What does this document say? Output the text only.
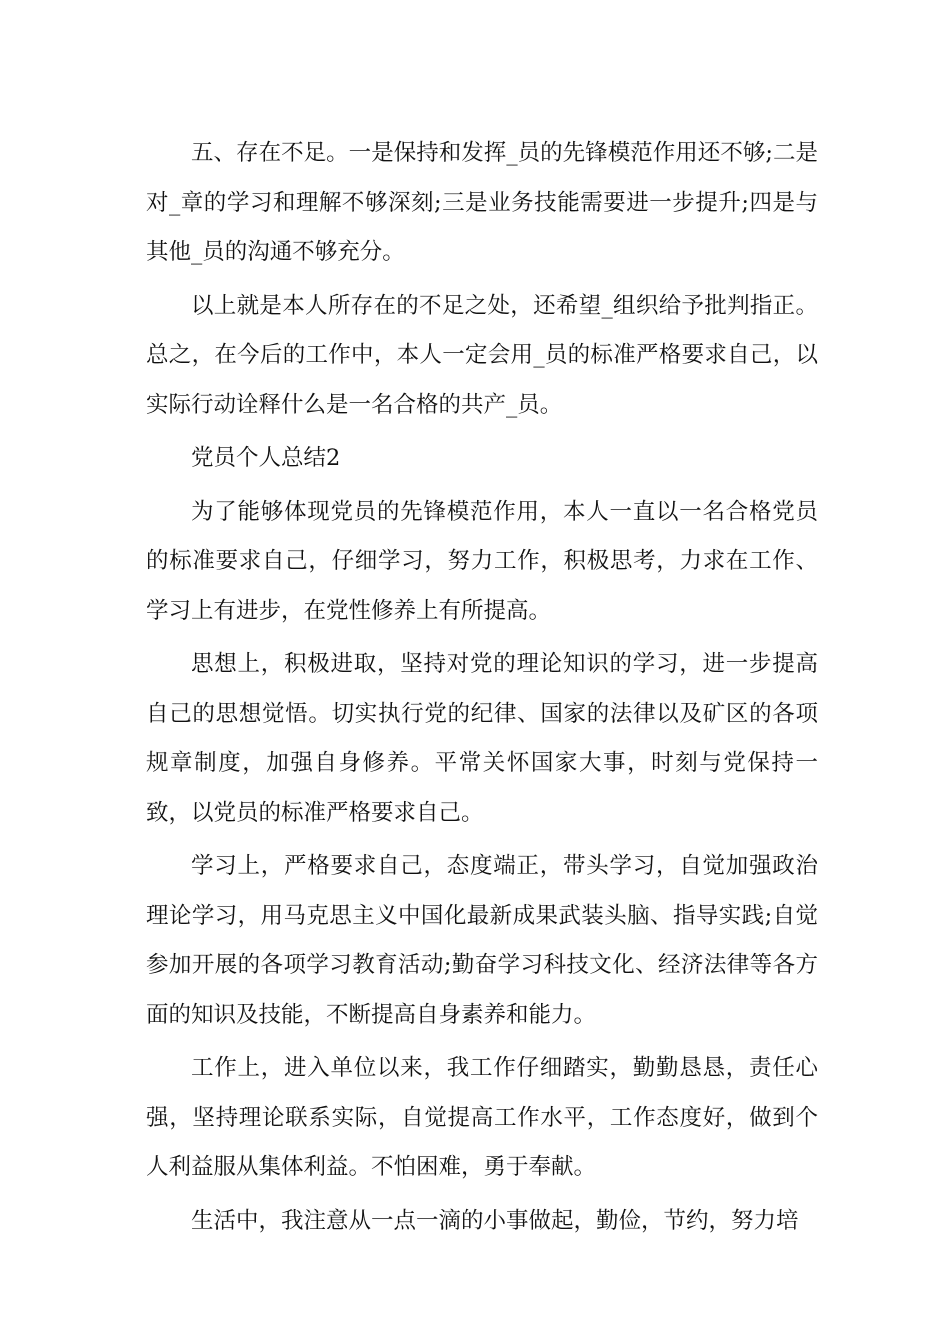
五、存在不足。一是保持和发挥_员的先锋模范作用还不够;二是对_章的学习和理解不够深刻;三是业务技能需要进一步提升;四是与其他_员的沟通不够充分。

以上就是本人所存在的不足之处，还希望_组织给予批判指正。总之，在今后的工作中，本人一定会用_员的标准严格要求自己，以实际行动诠释什么是一名合格的共产_员。

党员个人总结2

为了能够体现党员的先锋模范作用，本人一直以一名合格党员的标准要求自己，仔细学习，努力工作，积极思考，力求在工作、学习上有进步，在党性修养上有所提高。

思想上，积极进取，坚持对党的理论知识的学习，进一步提高自己的思想觉悟。切实执行党的纪律、国家的法律以及矿区的各项规章制度，加强自身修养。平常关怀国家大事，时刻与党保持一致，以党员的标准严格要求自己。

学习上，严格要求自己，态度端正，带头学习，自觉加强政治理论学习，用马克思主义中国化最新成果武装头脑、指导实践;自觉参加开展的各项学习教育活动;勤奋学习科技文化、经济法律等各方面的知识及技能，不断提高自身素养和能力。

工作上，进入单位以来，我工作仔细踏实，勤勤恳恳，责任心强，坚持理论联系实际，自觉提高工作水平，工作态度好，做到个人利益服从集体利益。不怕困难，勇于奉献。

生活中，我注意从一点一滴的小事做起，勤俭，节约，努力培
